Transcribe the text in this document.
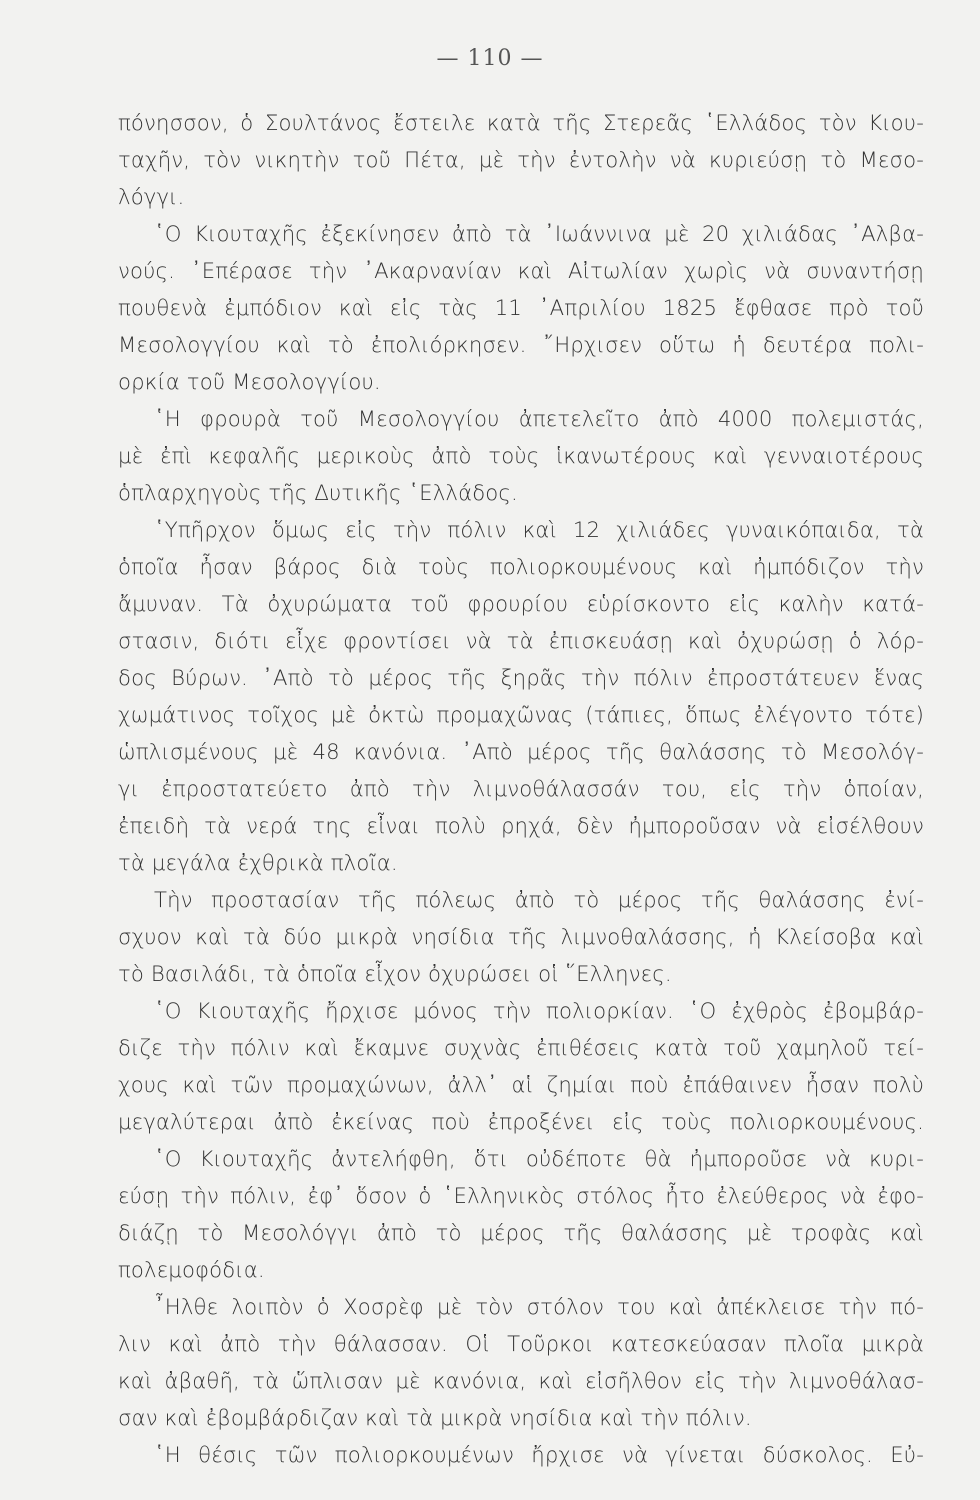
— 110 —
πόνησσον, ὁ Σουλτάνος ἔστειλε κατὰ τῆς Στερεᾶς ῾Ελλάδος τὸν Κιου-
ταχῆν, τὸν νικητὴν τοῦ Πέτα, μὲ τὴν ἐντολὴν νὰ κυριεύσῃ τὸ Μεσο-
λόγγι.
῾Ο Κιουταχῆς ἐξεκίνησεν ἀπὸ τὰ ᾿Ιωάννινα μὲ 20 χιλιάδας ᾿Αλβα-
νούς. ᾿Επέρασε τὴν ᾿Ακαρνανίαν καὶ Αἰτωλίαν χωρὶς νὰ συναντήσῃ
πουθενὰ ἐμπόδιον καὶ εἰς τὰς 11 ᾿Απριλίου 1825 ἔφθασε πρὸ τοῦ
Μεσολογγίου καὶ τὸ ἐπολιόρκησεν. ῎Ηρχισεν οὕτω ἡ δευτέρα πολι-
ορκία τοῦ Μεσολογγίου.
῾Η φρουρὰ τοῦ Μεσολογγίου ἀπετελεῖτο ἀπὸ 4000 πολεμιστάς,
μὲ ἐπὶ κεφαλῆς μερικοὺς ἀπὸ τοὺς ἱκανωτέρους καὶ γενναιοτέρους
ὁπλαρχηγοὺς τῆς Δυτικῆς ῾Ελλάδος.
῾Υπῆρχον ὅμως εἰς τὴν πόλιν καὶ 12 χιλιάδες γυναικόπαιδα, τὰ
ὁποῖα ἦσαν βάρος διὰ τοὺς πολιορκουμένους καὶ ἠμπόδιζον τὴν
ἄμυναν. Τὰ ὀχυρώματα τοῦ φρουρίου εὑρίσκοντο εἰς καλὴν κατά-
στασιν, διότι εἶχε φροντίσει νὰ τὰ ἐπισκευάσῃ καὶ ὀχυρώσῃ ὁ λόρ-
δος Βύρων. ᾿Απὸ τὸ μέρος τῆς ξηρᾶς τὴν πόλιν ἐπροστάτευεν ἕνας
χωμάτινος τοῖχος μὲ ὀκτὼ προμαχῶνας (τάπιες, ὅπως ἐλέγοντο τότε)
ὡπλισμένους μὲ 48 κανόνια. ᾿Απὸ μέρος τῆς θαλάσσης τὸ Μεσολόγ-
γι ἐπροστατεύετο ἀπὸ τὴν λιμνοθάλασσάν του, εἰς τὴν ὁποίαν,
ἐπειδὴ τὰ νερά της εἶναι πολὺ ρηχά, δὲν ἠμποροῦσαν νὰ εἰσέλθουν
τὰ μεγάλα ἐχθρικὰ πλοῖα.
Τὴν προστασίαν τῆς πόλεως ἀπὸ τὸ μέρος τῆς θαλάσσης ἐνί-
σχυον καὶ τὰ δύο μικρὰ νησίδια τῆς λιμνοθαλάσσης, ἡ Κλείσοβα καὶ
τὸ Βασιλάδι, τὰ ὁποῖα εἶχον ὀχυρώσει οἱ ῞Ελληνες.
῾Ο Κιουταχῆς ἤρχισε μόνος τὴν πολιορκίαν. ῾Ο ἐχθρὸς ἐβομβάρ-
διζε τὴν πόλιν καὶ ἔκαμνε συχνὰς ἐπιθέσεις κατὰ τοῦ χαμηλοῦ τεί-
χους καὶ τῶν προμαχώνων, ἀλλ᾿ αἱ ζημίαι ποὺ ἐπάθαινεν ἦσαν πολὺ
μεγαλύτεραι ἀπὸ ἐκείνας ποὺ ἐπροξένει εἰς τοὺς πολιορκουμένους.
῾Ο Κιουταχῆς ἀντελήφθη, ὅτι οὐδέποτε θὰ ἠμποροῦσε νὰ κυρι-
εύσῃ τὴν πόλιν, ἐφ᾿ ὅσον ὁ ῾Ελληνικὸς στόλος ἦτο ἐλεύθερος νὰ ἐφο-
διάζῃ τὸ Μεσολόγγι ἀπὸ τὸ μέρος τῆς θαλάσσης μὲ τροφὰς καὶ
πολεμοφόδια.
῏Ηλθε λοιπὸν ὁ Χοσρὲφ μὲ τὸν στόλον του καὶ ἀπέκλεισε τὴν πό-
λιν καὶ ἀπὸ τὴν θάλασσαν. Οἱ Τοῦρκοι κατεσκεύασαν πλοῖα μικρὰ
καὶ ἀβαθῆ, τὰ ὥπλισαν μὲ κανόνια, καὶ εἰσῆλθον εἰς τὴν λιμνοθάλασ-
σαν καὶ ἐβομβάρδιζαν καὶ τὰ μικρὰ νησίδια καὶ τὴν πόλιν.
῾Η θέσις τῶν πολιορκουμένων ἤρχισε νὰ γίνεται δύσκολος. Εὐ-
